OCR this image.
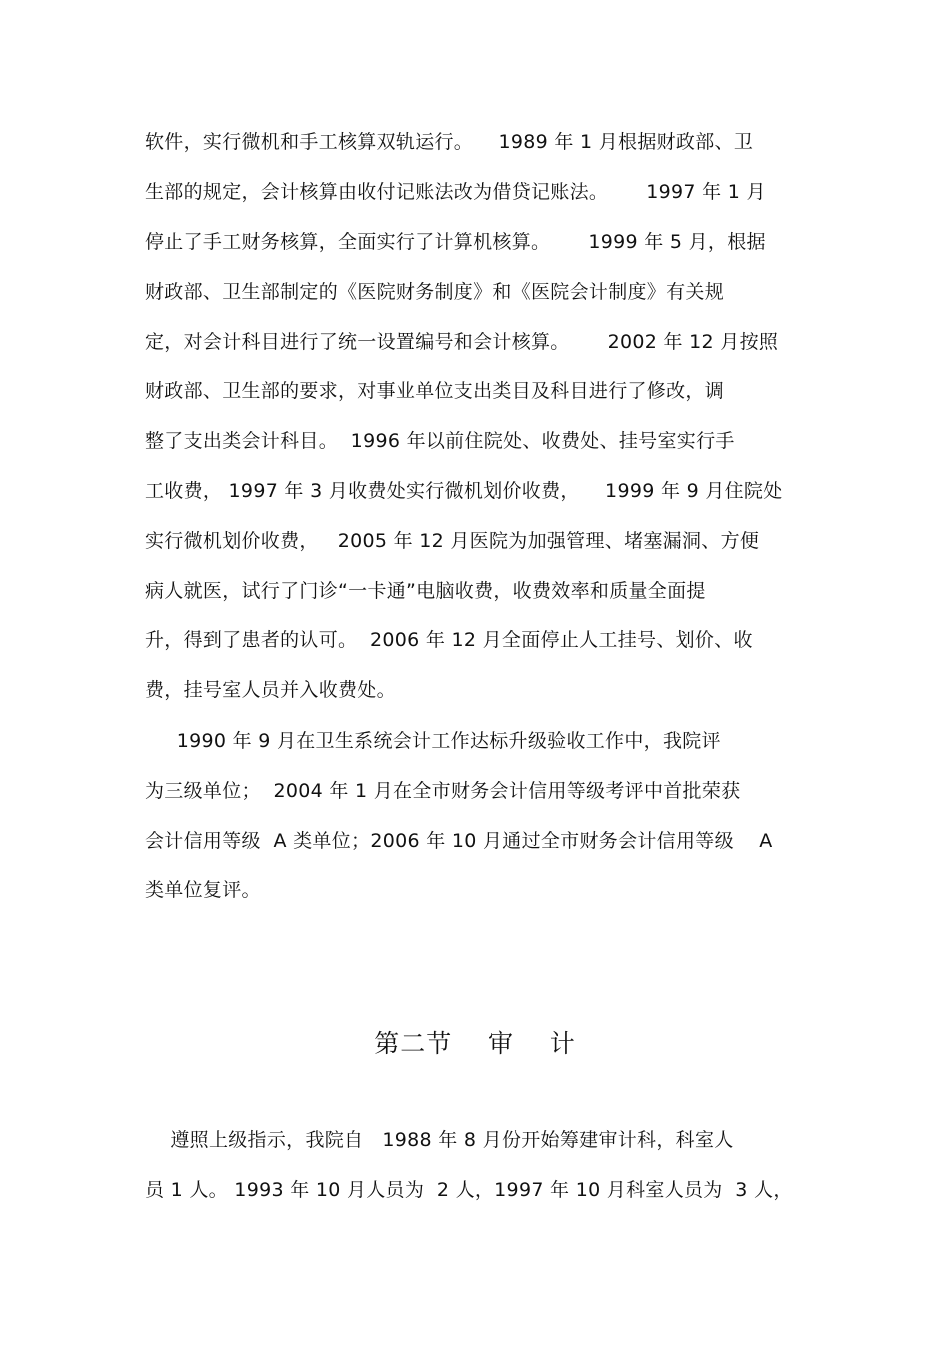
软件，实行微机和手工核算双轨运行。    1989 年 1 月根据财政部、卫
生部的规定，会计核算由收付记账法改为借贷记账法。      1997 年 1 月
停止了手工财务核算，全面实行了计算机核算。      1999 年 5 月，根据
财政部、卫生部制定的《医院财务制度》和《医院会计制度》有关规
定，对会计科目进行了统一设置编号和会计核算。      2002 年 12 月按照
财政部、卫生部的要求，对事业单位支出类目及科目进行了修改，调
整了支出类会计科目。  1996 年以前住院处、收费处、挂号室实行手
工收费， 1997 年 3 月收费处实行微机划价收费，    1999 年 9 月住院处
实行微机划价收费，   2005 年 12 月医院为加强管理、堵塞漏洞、方便
病人就医，试行了门诊“一卡通”电脑收费，收费效率和质量全面提
升，得到了患者的认可。  2006 年 12 月全面停止人工挂号、划价、收
费，挂号室人员并入收费处。
1990 年 9 月在卫生系统会计工作达标升级验收工作中，我院评
为三级单位；  2004 年 1 月在全市财务会计信用等级考评中首批荣获
会计信用等级  A 类单位；2006 年 10 月通过全市财务会计信用等级    A
类单位复评。
第二节    审    计
遵照上级指示，我院自   1988 年 8 月份开始筹建审计科，科室人
员 1 人。 1993 年 10 月人员为  2 人，1997 年 10 月科室人员为  3 人，
